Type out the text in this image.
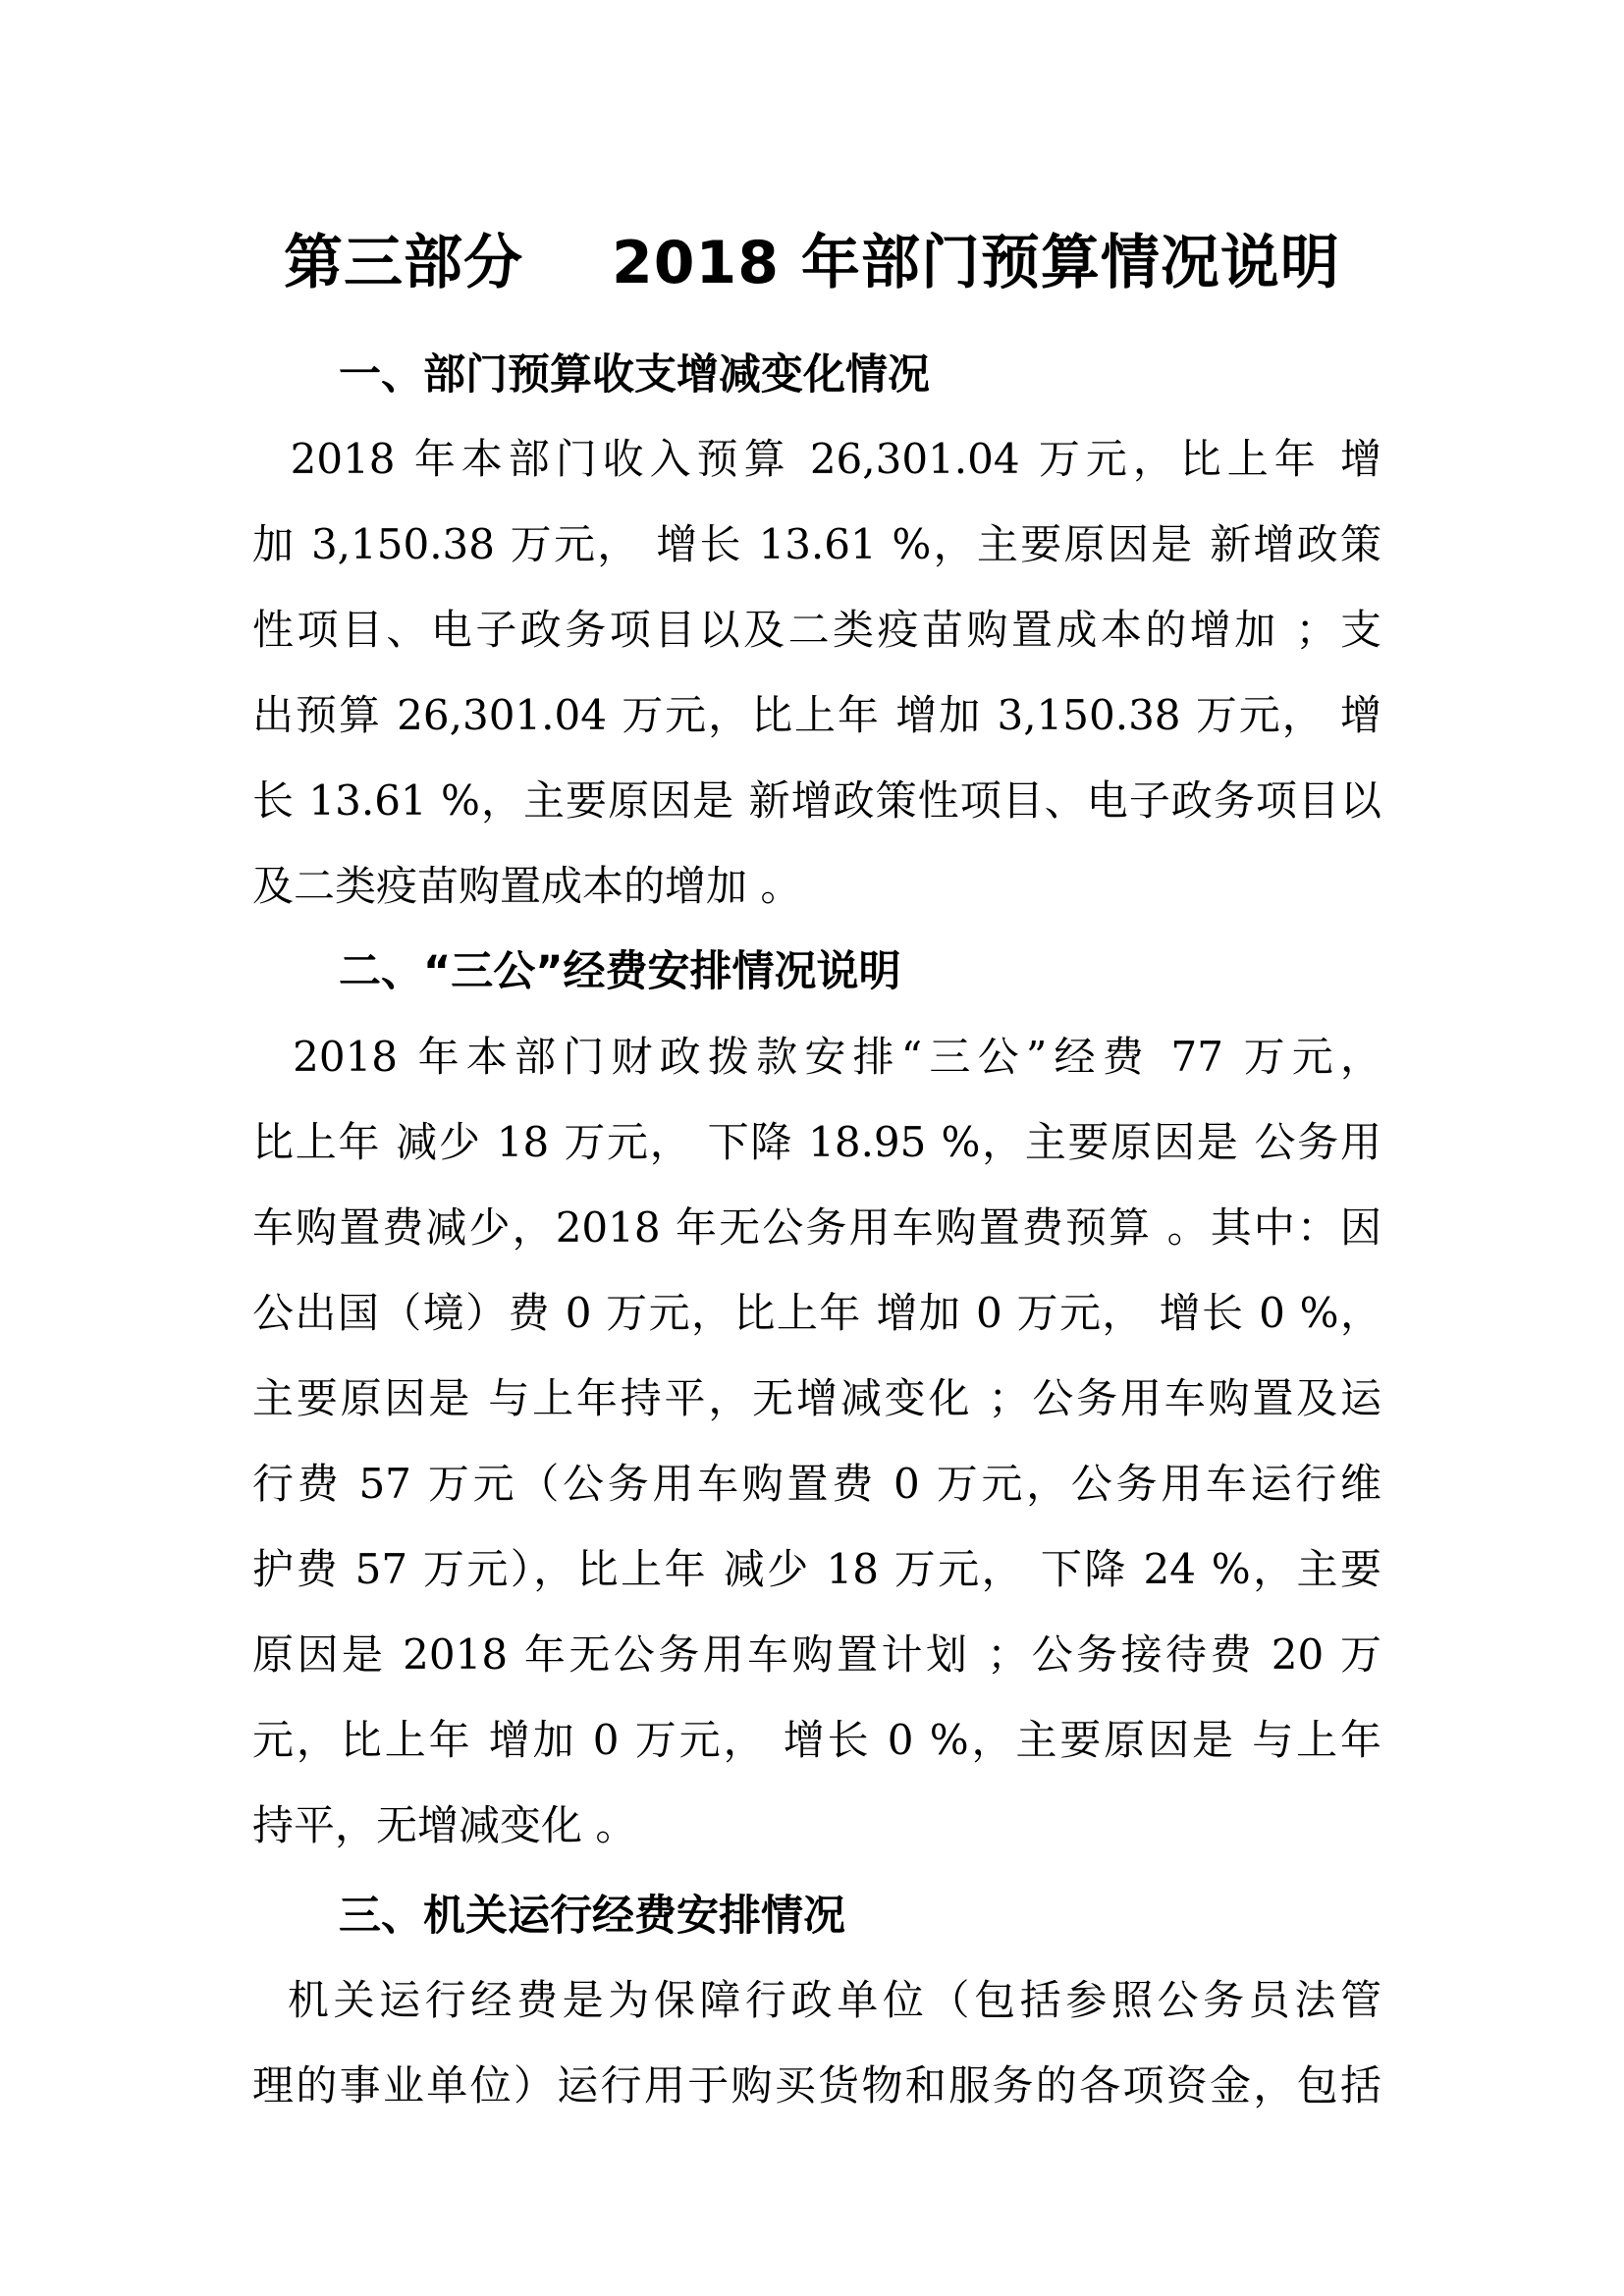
第三部分 2018 年部门预算情况说明
一、部门预算收支增减变化情况
2018 年本部门收入预算 26,301.04 万元，比上年 增
加 3,150.38 万元， 增长 13.61 %，主要原因是 新增政策
性项目、电子政务项目以及二类疫苗购置成本的增加 ；支
出预算 26,301.04 万元，比上年 增加 3,150.38 万元， 增
长 13.61 %，主要原因是 新增政策性项目、电子政务项目以
及二类疫苗购置成本的增加 。
二、“三公”经费安排情况说明
2018 年本部门财政拨款安排“三公”经费 77 万元，
比上年 减少 18 万元， 下降 18.95 %，主要原因是 公务用
车购置费减少，2018 年无公务用车购置费预算 。其中：因
公出国（境）费 0 万元，比上年 增加 0 万元， 增长 0 %，
主要原因是 与上年持平，无增减变化 ；公务用车购置及运
行费 57 万元（公务用车购置费 0 万元，公务用车运行维
护费 57 万元），比上年 减少 18 万元， 下降 24 %，主要
原因是 2018 年无公务用车购置计划 ；公务接待费 20 万
元，比上年 增加 0 万元， 增长 0 %，主要原因是 与上年
持平，无增减变化 。
三、机关运行经费安排情况
机关运行经费是为保障行政单位（包括参照公务员法管
理的事业单位）运行用于购买货物和服务的各项资金，包括
